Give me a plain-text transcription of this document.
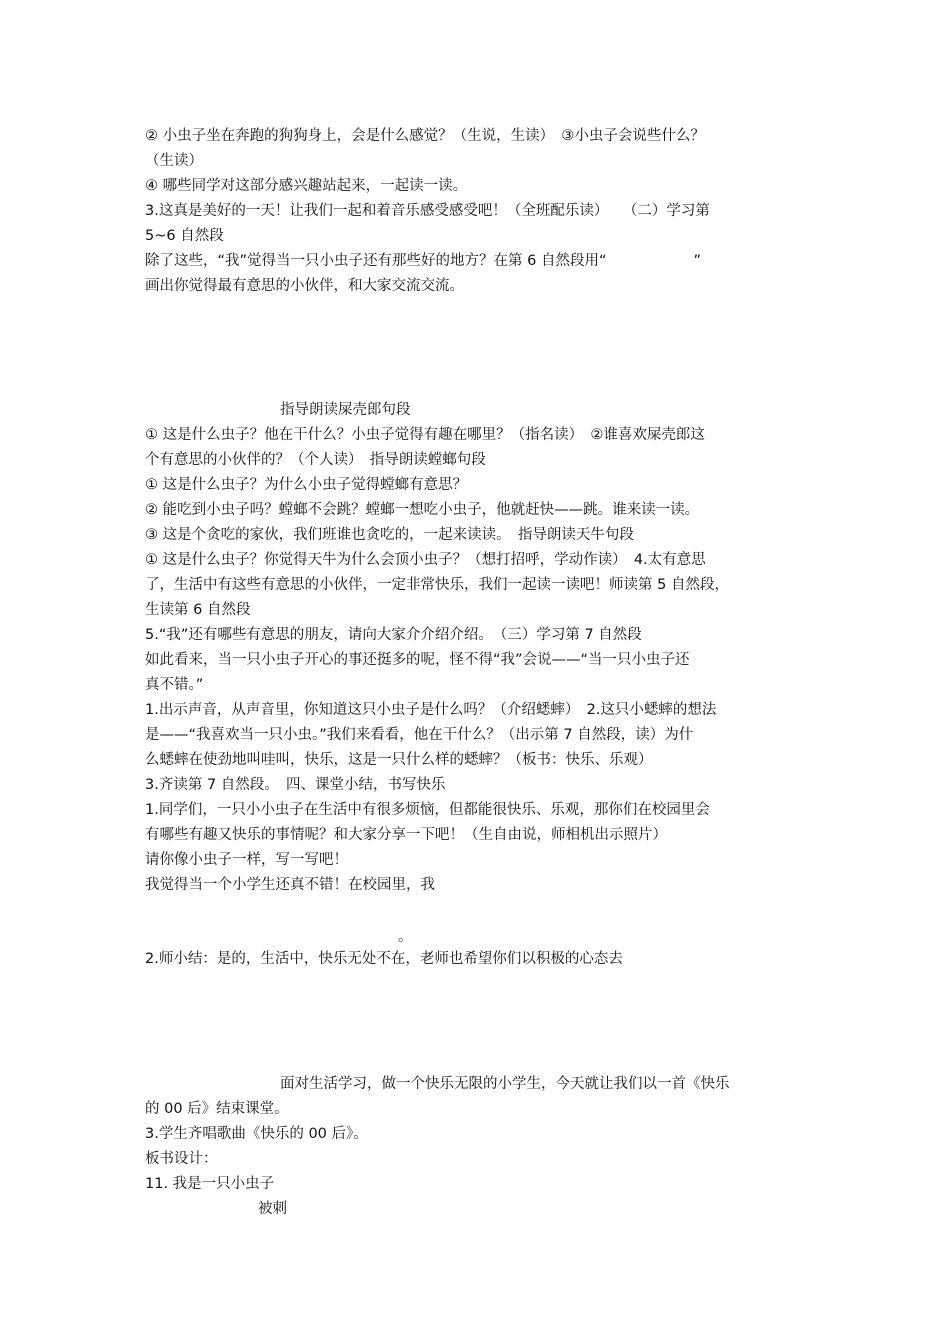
② 小虫子坐在奔跑的狗狗身上，会是什么感觉？（生说，生读）　③小虫子会说些什么？
（生读）
④ 哪些同学对这部分感兴趣站起来，一起读一读。
3.这真是美好的一天！让我们一起和着音乐感受感受吧！（全班配乐读）　　（二）学习第
5~6 自然段
除了这些，“我”觉得当一只小虫子还有那些好的地方？在第 6 自然段用“　　　　　　”
画出你觉得最有意思的小伙伴，和大家交流交流。
指导朗读屎壳郎句段
① 这是什么虫子？他在干什么？小虫子觉得有趣在哪里？（指名读）　②谁喜欢屎壳郎这
个有意思的小伙伴的？（个人读）　指导朗读螳螂句段
① 这是什么虫子？为什么小虫子觉得螳螂有意思？
② 能吃到小虫子吗？螳螂不会跳？螳螂一想吃小虫子，他就赶快——跳。谁来读一读。
③ 这是个贪吃的家伙，我们班谁也贪吃的，一起来读读。　指导朗读天牛句段
① 这是什么虫子？你觉得天牛为什么会顶小虫子？（想打招呼，学动作读）　4.太有意思
了，生活中有这些有意思的小伙伴，一定非常快乐，我们一起读一读吧！师读第 5 自然段，
生读第 6 自然段
5.“我”还有哪些有意思的朋友，请向大家介介绍介绍。　（三）学习第 7 自然段
如此看来，当一只小虫子开心的事还挺多的呢，怪不得“我”会说——“当一只小虫子还
真不错。”
1.出示声音，从声音里，你知道这只小虫子是什么吗？（介绍蟋蟀）　2.这只小蟋蟀的想法
是——“我喜欢当一只小虫。”我们来看看，他在干什么？（出示第 7 自然段，读）为什
么蟋蟀在使劲地叫哇叫，快乐，这是一只什么样的蟋蟀？（板书：快乐、乐观）
3.齐读第 7 自然段。　四、课堂小结，书写快乐
1.同学们，一只小小虫子在生活中有很多烦恼，但都能很快乐、乐观，那你们在校园里会
有哪些有趣又快乐的事情呢？和大家分享一下吧！（生自由说，师相机出示照片）
请你像小虫子一样，写一写吧！
我觉得当一个小学生还真不错！在校园里，我
。
2.师小结：是的，生活中，快乐无处不在，老师也希望你们以积极的心态去
面对生活学习，做一个快乐无限的小学生，今天就让我们以一首《快乐
的 00 后》结束课堂。
3.学生齐唱歌曲《快乐的 00 后》。
板书设计：
11. 我是一只小虫子
被刺
